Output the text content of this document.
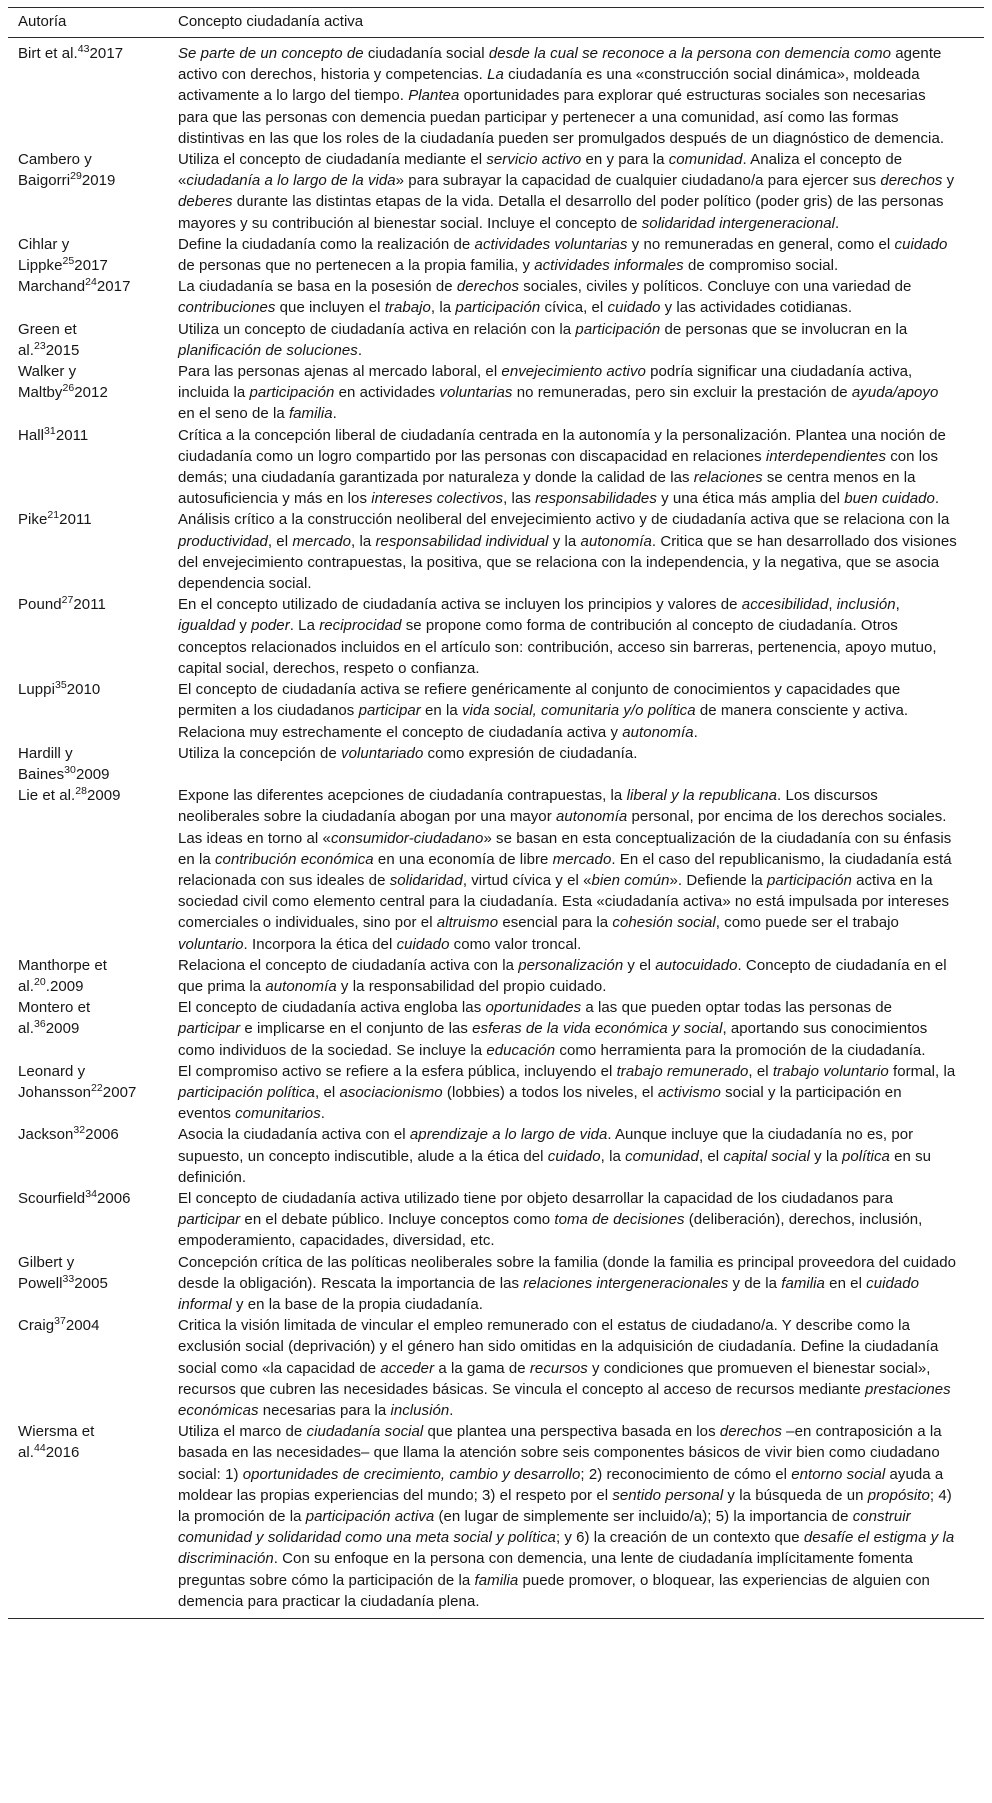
Autoría	Concepto ciudadanía activa
Birt et al.$^{43}$2017	Se parte de un concepto de ciudadanía social desde la cual se reconoce a la persona con demencia como agente activo con derechos, historia y competencias. La ciudadanía es una «construcción social dinámica», moldeada activamente a lo largo del tiempo. Plantea oportunidades para explorar qué estructuras sociales son necesarias para que las personas con demencia puedan participar y pertenecer a una comunidad, así como las formas distintivas en las que los roles de la ciudadanía pueden ser promulgados después de un diagnóstico de demencia.
Cambero y
Baigorri$^{29}$2019	Utiliza el concepto de ciudadanía mediante el servicio activo en y para la comunidad. Analiza el concepto de «ciudadanía a lo largo de la vida» para subrayar la capacidad de cualquier ciudadano/a para ejercer sus derechos y deberes durante las distintas etapas de la vida. Detalla el desarrollo del poder político (poder gris) de las personas mayores y su contribución al bienestar social. Incluye el concepto de solidaridad intergeneracional.
Cihlar y
Lippke$^{25}$2017	Define la ciudadanía como la realización de actividades voluntarias y no remuneradas en general, como el cuidado de personas que no pertenecen a la propia familia, y actividades informales de compromiso social.
Marchand$^{24}$2017	La ciudadanía se basa en la posesión de derechos sociales, civiles y políticos. Concluye con una variedad de contribuciones que incluyen el trabajo, la participación cívica, el cuidado y las actividades cotidianas.
Green et
al.$^{23}$2015	Utiliza un concepto de ciudadanía activa en relación con la participación de personas que se involucran en la planificación de soluciones.
Walker y
Maltby$^{26}$2012	Para las personas ajenas al mercado laboral, el envejecimiento activo podría significar una ciudadanía activa, incluida la participación en actividades voluntarias no remuneradas, pero sin excluir la prestación de ayuda/apoyo en el seno de la familia.
Hall$^{31}$2011	Crítica a la concepción liberal de ciudadanía centrada en la autonomía y la personalización. Plantea una noción de ciudadanía como un logro compartido por las personas con discapacidad en relaciones interdependientes con los demás; una ciudadanía garantizada por naturaleza y donde la calidad de las relaciones se centra menos en la autosuficiencia y más en los intereses colectivos, las responsabilidades y una ética más amplia del buen cuidado.
Pike$^{21}$2011	Análisis crítico a la construcción neoliberal del envejecimiento activo y de ciudadanía activa que se relaciona con la productividad, el mercado, la responsabilidad individual y la autonomía. Critica que se han desarrollado dos visiones del envejecimiento contrapuestas, la positiva, que se relaciona con la independencia, y la negativa, que se asocia dependencia social.
Pound$^{27}$2011	En el concepto utilizado de ciudadanía activa se incluyen los principios y valores de accesibilidad, inclusión, igualdad y poder. La reciprocidad se propone como forma de contribución al concepto de ciudadanía. Otros conceptos relacionados incluidos en el artículo son: contribución, acceso sin barreras, pertenencia, apoyo mutuo, capital social, derechos, respeto o confianza.
Luppi$^{35}$2010	El concepto de ciudadanía activa se refiere genéricamente al conjunto de conocimientos y capacidades que permiten a los ciudadanos participar en la vida social, comunitaria y/o política de manera consciente y activa. Relaciona muy estrechamente el concepto de ciudadanía activa y autonomía.
Hardill y
Baines$^{30}$2009	Utiliza la concepción de voluntariado como expresión de ciudadanía.
Lie et al.$^{28}$2009	Expone las diferentes acepciones de ciudadanía contrapuestas, la liberal y la republicana. Los discursos neoliberales sobre la ciudadanía abogan por una mayor autonomía personal, por encima de los derechos sociales. Las ideas en torno al «consumidor-ciudadano» se basan en esta conceptualización de la ciudadanía con su énfasis en la contribución económica en una economía de libre mercado. En el caso del republicanismo, la ciudadanía está relacionada con sus ideales de solidaridad, virtud cívica y el «bien común». Defiende la participación activa en la sociedad civil como elemento central para la ciudadanía. Esta «ciudadanía activa» no está impulsada por intereses comerciales o individuales, sino por el altruismo esencial para la cohesión social, como puede ser el trabajo voluntario. Incorpora la ética del cuidado como valor troncal.
Manthorpe et
al.$^{20}$.2009	Relaciona el concepto de ciudadanía activa con la personalización y el autocuidado. Concepto de ciudadanía en el que prima la autonomía y la responsabilidad del propio cuidado.
Montero et
al.$^{36}$2009	El concepto de ciudadanía activa engloba las oportunidades a las que pueden optar todas las personas de participar e implicarse en el conjunto de las esferas de la vida económica y social, aportando sus conocimientos como individuos de la sociedad. Se incluye la educación como herramienta para la promoción de la ciudadanía.
Leonard y
Johansson$^{22}$2007	El compromiso activo se refiere a la esfera pública, incluyendo el trabajo remunerado, el trabajo voluntario formal, la participación política, el asociacionismo (lobbies) a todos los niveles, el activismo social y la participación en eventos comunitarios.
Jackson$^{32}$2006	Asocia la ciudadanía activa con el aprendizaje a lo largo de vida. Aunque incluye que la ciudadanía no es, por supuesto, un concepto indiscutible, alude a la ética del cuidado, la comunidad, el capital social y la política en su definición.
Scourfield$^{34}$2006	El concepto de ciudadanía activa utilizado tiene por objeto desarrollar la capacidad de los ciudadanos para participar en el debate público. Incluye conceptos como toma de decisiones (deliberación), derechos, inclusión, empoderamiento, capacidades, diversidad, etc.
Gilbert y
Powell$^{33}$2005	Concepción crítica de las políticas neoliberales sobre la familia (donde la familia es principal proveedora del cuidado desde la obligación). Rescata la importancia de las relaciones intergeneracionales y de la familia en el cuidado informal y en la base de la propia ciudadanía.
Craig$^{37}$2004	Critica la visión limitada de vincular el empleo remunerado con el estatus de ciudadano/a. Y describe como la exclusión social (deprivación) y el género han sido omitidas en la adquisición de ciudadanía. Define la ciudadanía social como «la capacidad de acceder a la gama de recursos y condiciones que promueven el bienestar social», recursos que cubren las necesidades básicas. Se vincula el concepto al acceso de recursos mediante prestaciones económicas necesarias para la inclusión.
Wiersma et
al.$^{44}$2016	Utiliza el marco de ciudadanía social que plantea una perspectiva basada en los derechos –en contraposición a la basada en las necesidades– que llama la atención sobre seis componentes básicos de vivir bien como ciudadano social: 1) oportunidades de crecimiento, cambio y desarrollo; 2) reconocimiento de cómo el entorno social ayuda a moldear las propias experiencias del mundo; 3) el respeto por el sentido personal y la búsqueda de un propósito; 4) la promoción de la participación activa (en lugar de simplemente ser incluido/a); 5) la importancia de construir comunidad y solidaridad como una meta social y política; y 6) la creación de un contexto que desafíe el estigma y la discriminación. Con su enfoque en la persona con demencia, una lente de ciudadanía implícitamente fomenta preguntas sobre cómo la participación de la familia puede promover, o bloquear, las experiencias de alguien con demencia para practicar la ciudadanía plena.
